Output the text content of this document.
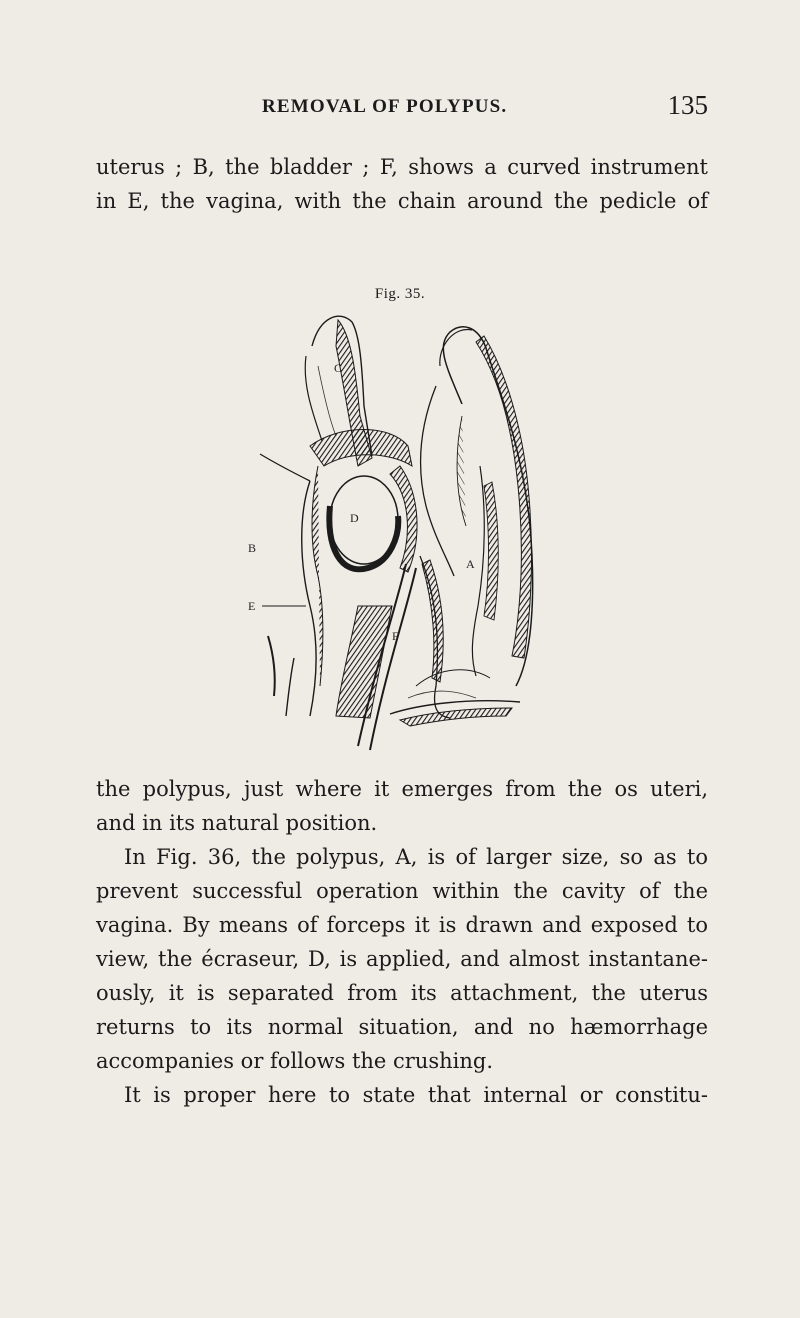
REMOVAL OF POLYPUS.	135
uterus ; B, the bladder ; F, shows a curved instrument
in E, the vagina, with the chain around the pedicle of
Fig. 35.
C
D
B
E
F
A
the polypus, just where it emerges from the os uteri,
and in its natural position.
In Fig. 36, the polypus, A, is of larger size, so as to
prevent successful operation within the cavity of the
vagina. By means of forceps it is drawn and exposed to
view, the écraseur, D, is applied, and almost instantane-
ously, it is separated from its attachment, the uterus
returns to its normal situation, and no hæmorrhage
accompanies or follows the crushing.
It is proper here to state that internal or constitu-
